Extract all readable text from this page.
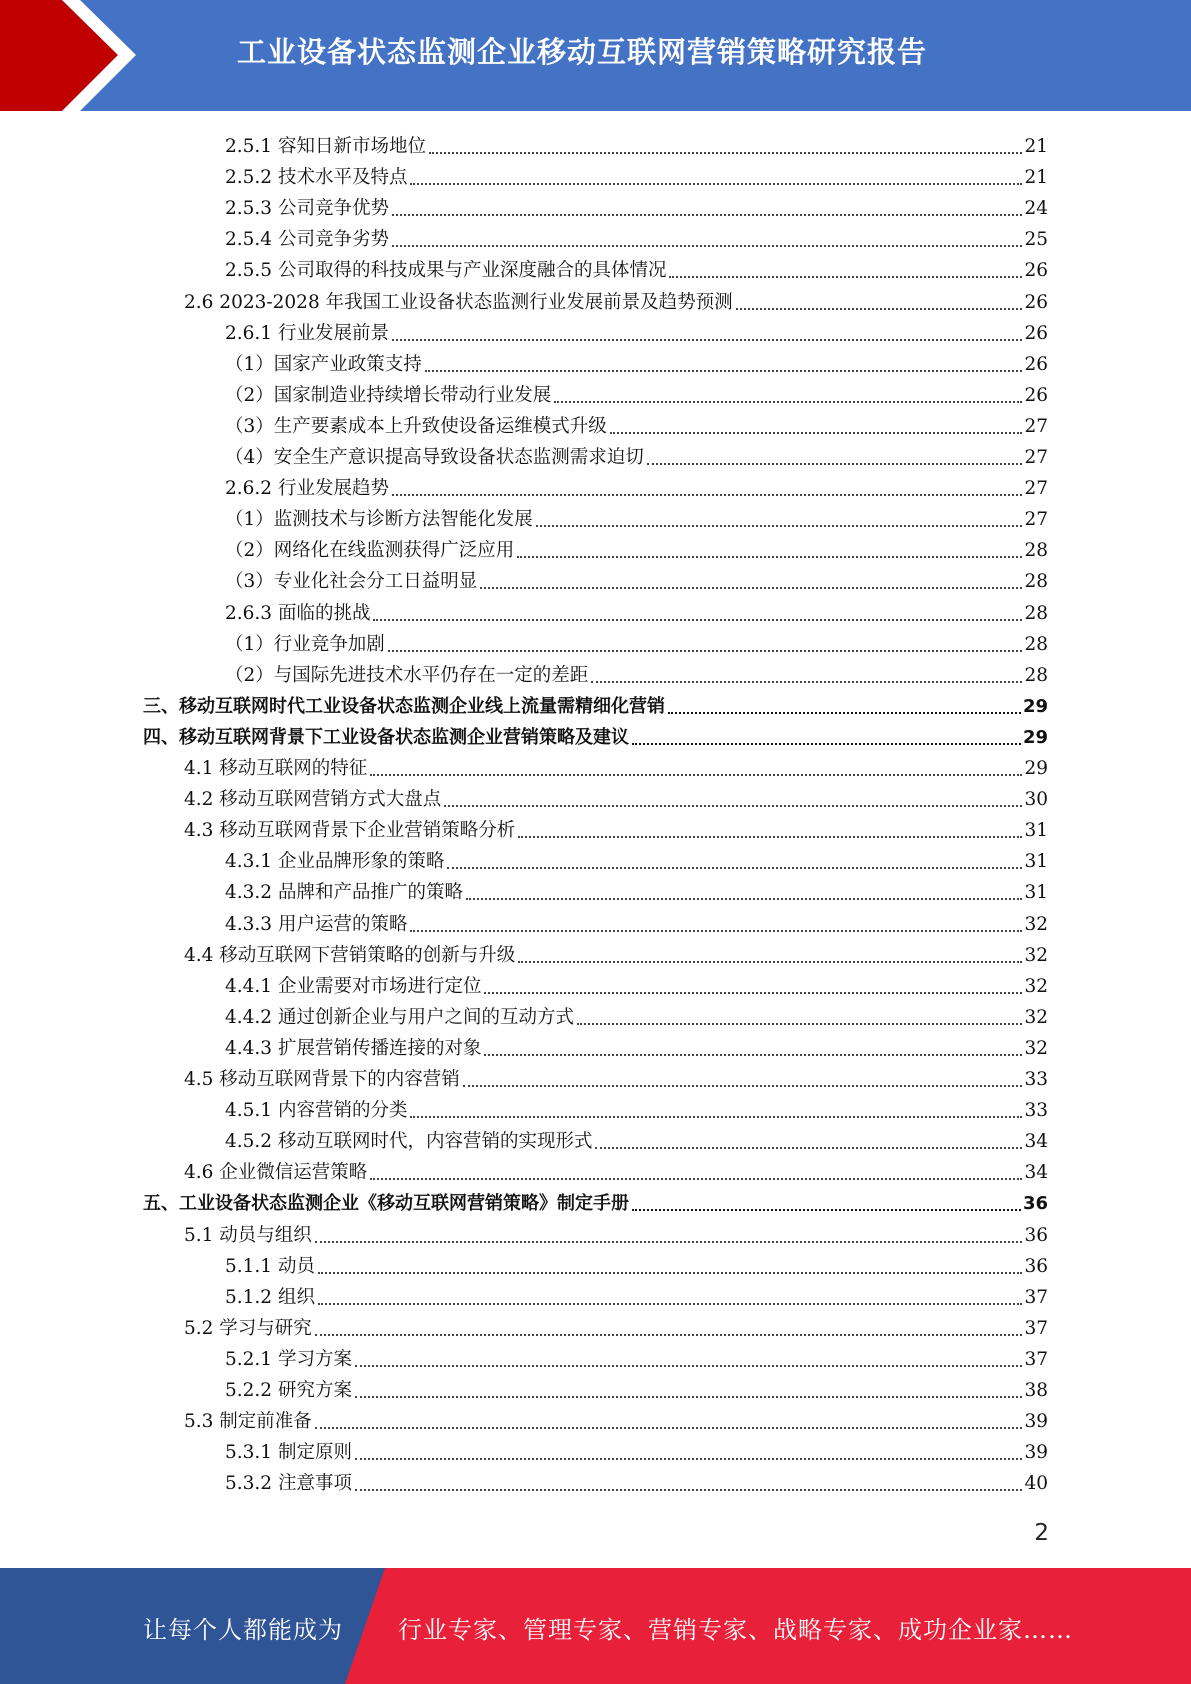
工业设备状态监测企业移动互联网营销策略研究报告
2.5.1 容知日新市场地位	21
2.5.2 技术水平及特点	21
2.5.3 公司竞争优势	24
2.5.4 公司竞争劣势	25
2.5.5 公司取得的科技成果与产业深度融合的具体情况	26
2.6 2023-2028 年我国工业设备状态监测行业发展前景及趋势预测	26
2.6.1 行业发展前景	26
（1）国家产业政策支持	26
（2）国家制造业持续增长带动行业发展	26
（3）生产要素成本上升致使设备运维模式升级	27
（4）安全生产意识提高导致设备状态监测需求迫切	27
2.6.2 行业发展趋势	27
（1）监测技术与诊断方法智能化发展	27
（2）网络化在线监测获得广泛应用	28
（3）专业化社会分工日益明显	28
2.6.3 面临的挑战	28
（1）行业竞争加剧	28
（2）与国际先进技术水平仍存在一定的差距	28
三、移动互联网时代工业设备状态监测企业线上流量需精细化营销	29
四、移动互联网背景下工业设备状态监测企业营销策略及建议	29
4.1 移动互联网的特征	29
4.2 移动互联网营销方式大盘点	30
4.3 移动互联网背景下企业营销策略分析	31
4.3.1 企业品牌形象的策略	31
4.3.2 品牌和产品推广的策略	31
4.3.3 用户运营的策略	32
4.4 移动互联网下营销策略的创新与升级	32
4.4.1 企业需要对市场进行定位	32
4.4.2 通过创新企业与用户之间的互动方式	32
4.4.3 扩展营销传播连接的对象	32
4.5 移动互联网背景下的内容营销	33
4.5.1 内容营销的分类	33
4.5.2 移动互联网时代，内容营销的实现形式	34
4.6 企业微信运营策略	34
五、工业设备状态监测企业《移动互联网营销策略》制定手册	36
5.1 动员与组织	36
5.1.1 动员	36
5.1.2 组织	37
5.2 学习与研究	37
5.2.1 学习方案	37
5.2.2 研究方案	38
5.3 制定前准备	39
5.3.1 制定原则	39
5.3.2 注意事项	40
2
让每个人都能成为 行业专家、管理专家、营销专家、战略专家、成功企业家……
